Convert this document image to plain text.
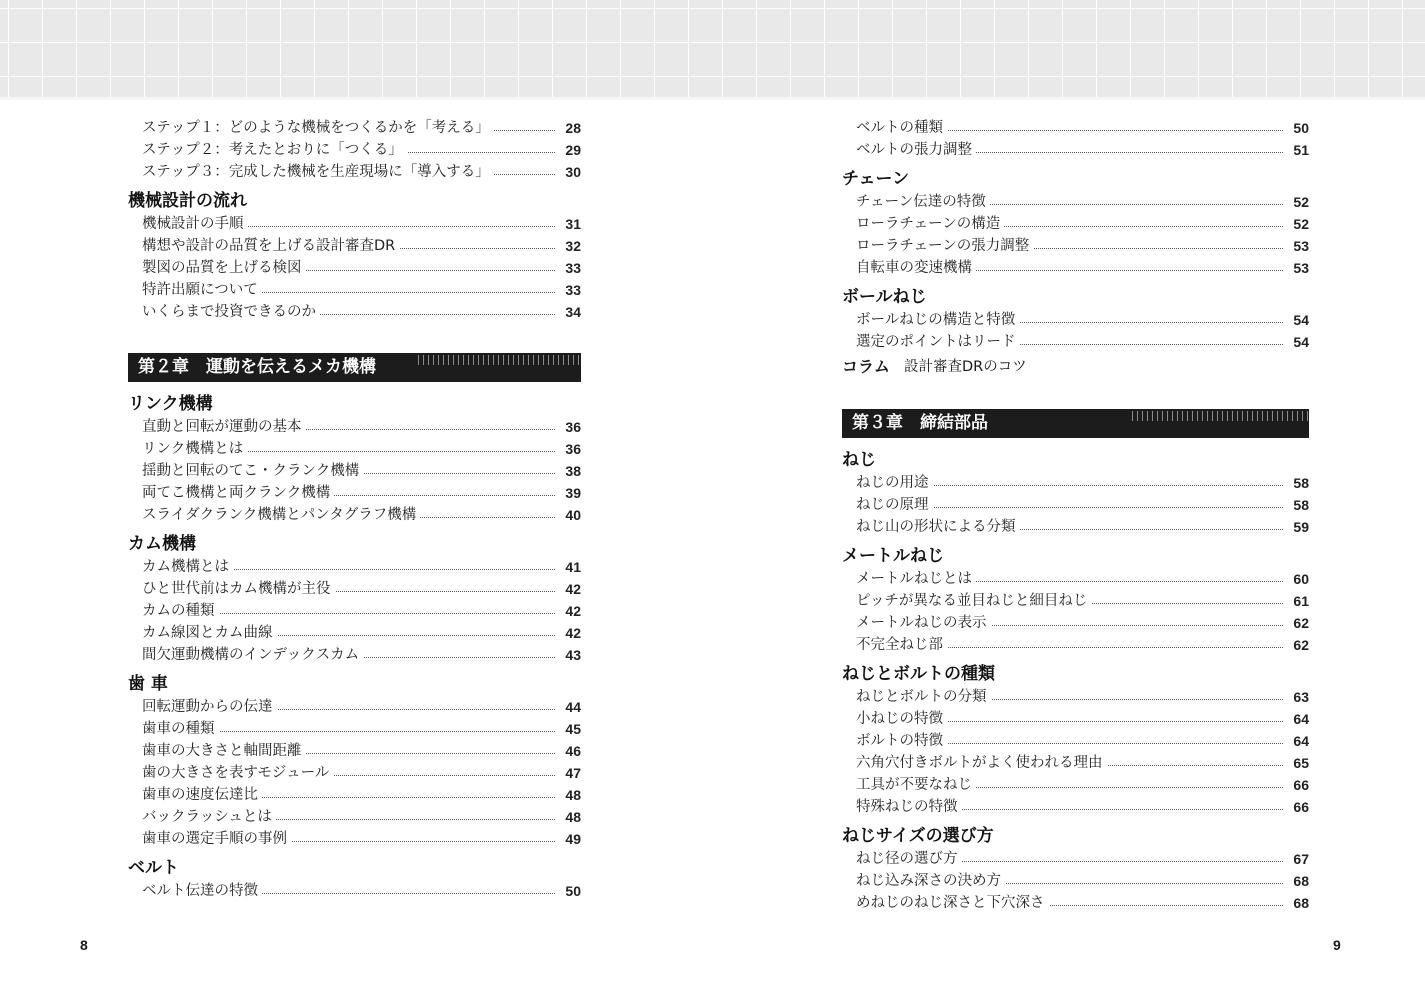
ステップ１：どのような機械をつくるかを「考える」	28
ステップ２：考えたとおりに「つくる」	29
ステップ３：完成した機械を生産現場に「導入する」	30
機械設計の流れ
機械設計の手順	31
構想や設計の品質を上げる設計審査DR	32
製図の品質を上げる検図	33
特許出願について	33
いくらまで投資できるのか	34
第２章　運動を伝えるメカ機構
リンク機構
直動と回転が運動の基本	36
リンク機構とは	36
揺動と回転のてこ・クランク機構	38
両てこ機構と両クランク機構	39
スライダクランク機構とパンタグラフ機構	40
カム機構
カム機構とは	41
ひと世代前はカム機構が主役	42
カムの種類	42
カム線図とカム曲線	42
間欠運動機構のインデックスカム	43
歯 車
回転運動からの伝達	44
歯車の種類	45
歯車の大きさと軸間距離	46
歯の大きさを表すモジュール	47
歯車の速度伝達比	48
バックラッシュとは	48
歯車の選定手順の事例	49
ベルト
ベルト伝達の特徴	50
ベルトの種類	50
ベルトの張力調整	51
チェーン
チェーン伝達の特徴	52
ローラチェーンの構造	52
ローラチェーンの張力調整	53
自転車の変速機構	53
ボールねじ
ボールねじの構造と特徴	54
選定のポイントはリード	54
コラム 設計審査DRのコツ
第３章　締結部品
ねじ
ねじの用途	58
ねじの原理	58
ねじ山の形状による分類	59
メートルねじ
メートルねじとは	60
ピッチが異なる並目ねじと細目ねじ	61
メートルねじの表示	62
不完全ねじ部	62
ねじとボルトの種類
ねじとボルトの分類	63
小ねじの特徴	64
ボルトの特徴	64
六角穴付きボルトがよく使われる理由	65
工具が不要なねじ	66
特殊ねじの特徴	66
ねじサイズの選び方
ねじ径の選び方	67
ねじ込み深さの決め方	68
めねじのねじ深さと下穴深さ	68
8	9
